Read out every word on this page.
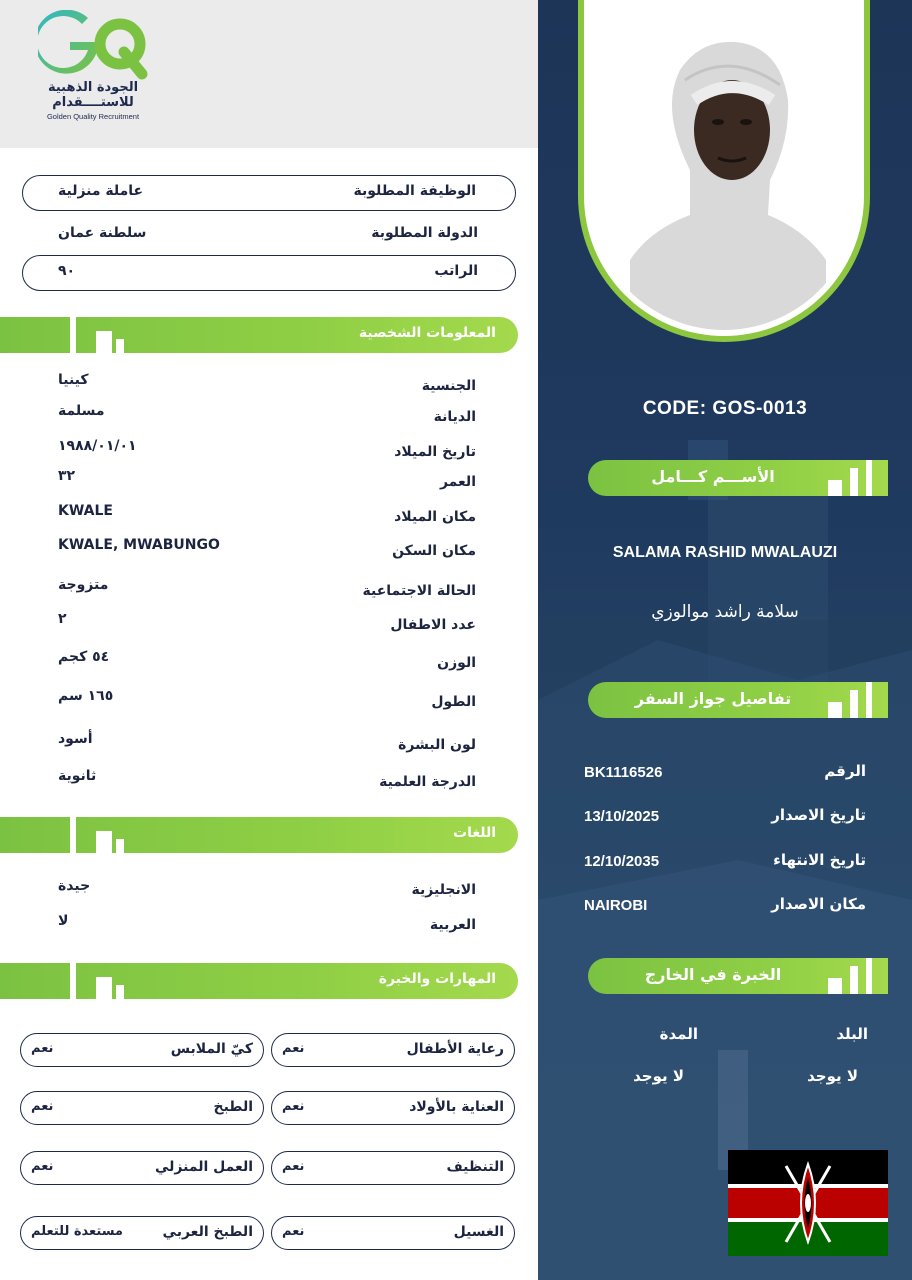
الجودة الذهبية
للاستــــقدام
Golden Quality Recruitment
الوظيفة المطلوبة
عاملة منزلية
الدولة المطلوبة
سلطنة عمان
الراتب
٩٠
المعلومات الشخصية
الجنسية
كينيا
الديانة
مسلمة
تاريخ الميلاد
١٩٨٨/٠١/٠١
العمر
٣٢
مكان الميلاد
KWALE
مكان السكن
KWALE, MWABUNGO
الحالة الاجتماعية
متزوجة
عدد الاطفال
٢
الوزن
٥٤ كجم
الطول
١٦٥ سم
لون البشرة
أسود
الدرجة العلمية
ثانوية
اللغات
الانجليزية
جيدة
العربية
لا
المهارات والخبرة
رعاية الأطفال
نعم
كيّ الملابس
نعم
العناية بالأولاد
نعم
الطبخ
نعم
التنظيف
نعم
العمل المنزلي
نعم
الغسيل
نعم
الطبخ العربي
مستعدة للتعلم
CODE: GOS-0013
الأســـم كـــامل
SALAMA RASHID MWALAUZI
سلامة راشد موالوزي
تفاصيل جواز السفر
الرقم
BK1116526
تاريخ الاصدار
13/10/2025
تاريخ الانتهاء
12/10/2035
مكان الاصدار
NAIROBI
الخبرة في الخارج
البلد
المدة
لا يوجد
لا يوجد
